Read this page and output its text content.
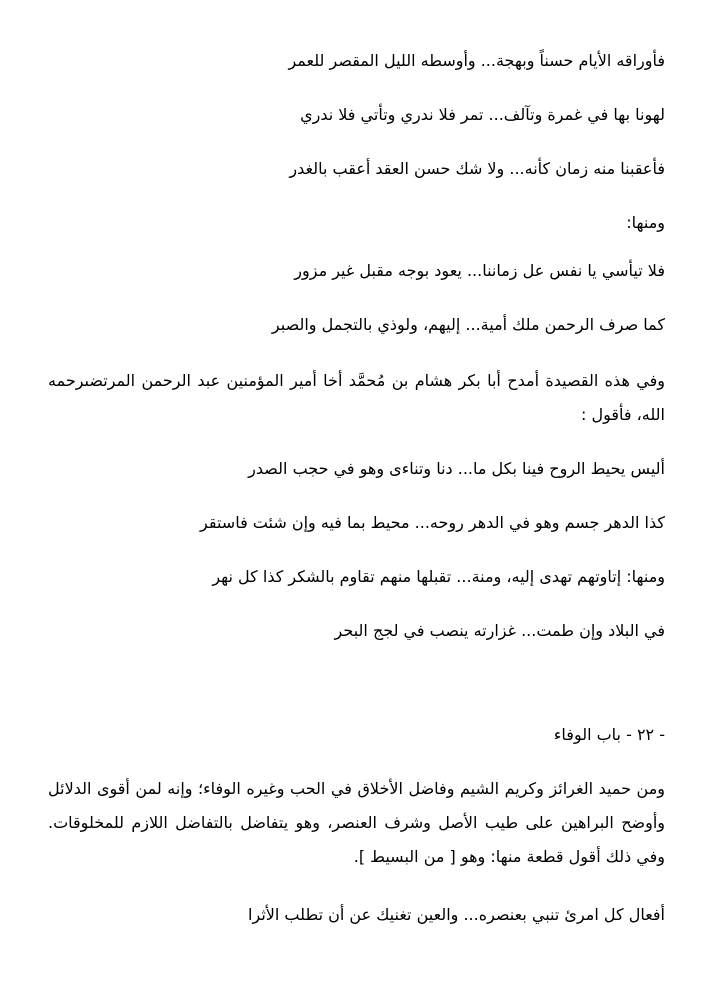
فأوراقه الأيام حسناً وبهجة... وأوسطه الليل المقصر للعمر
لهونا بها في غمرة وتآلف... تمر فلا ندري وتأتي فلا ندري
فأعقبنا منه زمان كأنه... ولا شك حسن العقد أعقب بالغدر
ومنها:
فلا تيأسي يا نفس عل زماننا... يعود بوجه مقبل غير مزور
كما صرف الرحمن ملك أمية... إليهم، ولوذي بالتجمل والصبر
وفي هذه القصيدة أمدح أبا بكر هشام بن مُحمَّد أخا أمير المؤمنين عبد الرحمن المرتضىرحمه الله، فأقول :
أليس يحيط الروح فينا بكل ما... دنا وتناءى وهو في حجب الصدر
كذا الدهر جسم وهو في الدهر روحه... محيط بما فيه وإن شئت فاستقر
ومنها: إتاوتهم تهدى إليه، ومنة... تقبلها منهم تقاوم بالشكر كذا كل نهر
في البلاد وإن طمت... غزارته ينصب في لجج البحر
- ٢٢ - باب الوفاء
ومن حميد الغرائز وكريم الشيم وفاضل الأخلاق في الحب وغيره الوفاء؛ وإنه لمن أقوى الدلائل وأوضح البراهين على طيب الأصل وشرف العنصر، وهو يتفاضل بالتفاضل اللازم للمخلوقات. وفي ذلك أقول قطعة منها: وهو [ من البسيط ].
أفعال كل امرئ تنبي بعنصره... والعين تغنيك عن أن تطلب الأثرا
